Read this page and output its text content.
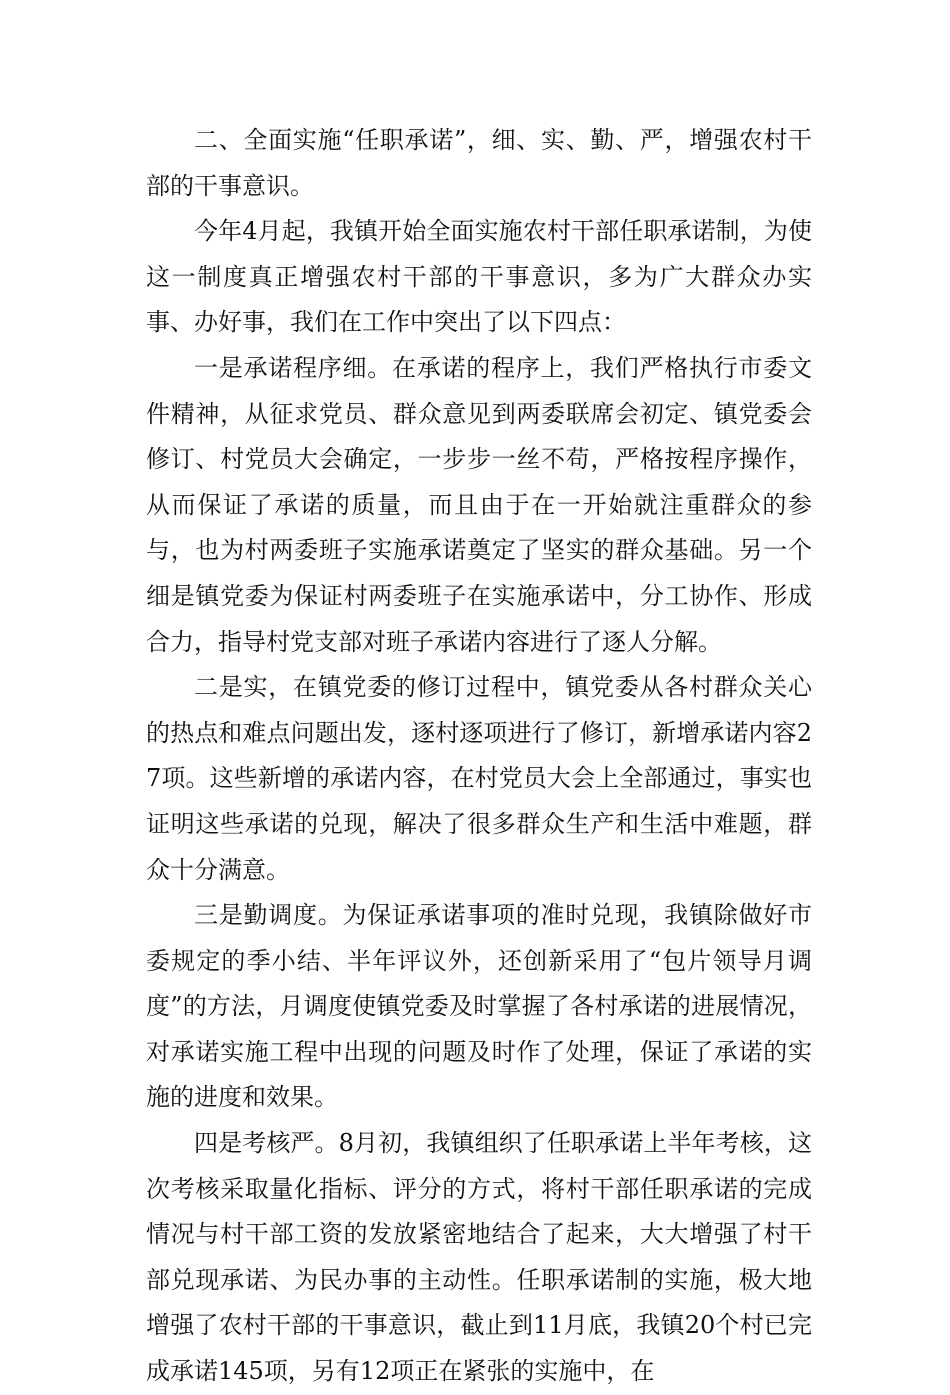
二、全面实施“任职承诺”，细、实、勤、严，增强农村干部的干事意识。

今年4月起，我镇开始全面实施农村干部任职承诺制，为使这一制度真正增强农村干部的干事意识，多为广大群众办实事、办好事，我们在工作中突出了以下四点：

一是承诺程序细。在承诺的程序上，我们严格执行市委文件精神，从征求党员、群众意见到两委联席会初定、镇党委会修订、村党员大会确定，一步步一丝不苟，严格按程序操作，从而保证了承诺的质量，而且由于在一开始就注重群众的参与，也为村两委班子实施承诺奠定了坚实的群众基础。另一个细是镇党委为保证村两委班子在实施承诺中，分工协作、形成合力，指导村党支部对班子承诺内容进行了逐人分解。

二是实，在镇党委的修订过程中，镇党委从各村群众关心的热点和难点问题出发，逐村逐项进行了修订，新增承诺内容27项。这些新增的承诺内容，在村党员大会上全部通过，事实也证明这些承诺的兑现，解决了很多群众生产和生活中难题，群众十分满意。

三是勤调度。为保证承诺事项的准时兑现，我镇除做好市委规定的季小结、半年评议外，还创新采用了“包片领导月调度”的方法，月调度使镇党委及时掌握了各村承诺的进展情况，对承诺实施工程中出现的问题及时作了处理，保证了承诺的实施的进度和效果。

四是考核严。8月初，我镇组织了任职承诺上半年考核，这次考核采取量化指标、评分的方式，将村干部任职承诺的完成情况与村干部工资的发放紧密地结合了起来，大大增强了村干部兑现承诺、为民办事的主动性。任职承诺制的实施，极大地增强了农村干部的干事意识，截止到11月底，我镇20个村已完成承诺145项，另有12项正在紧张的实施中，在
